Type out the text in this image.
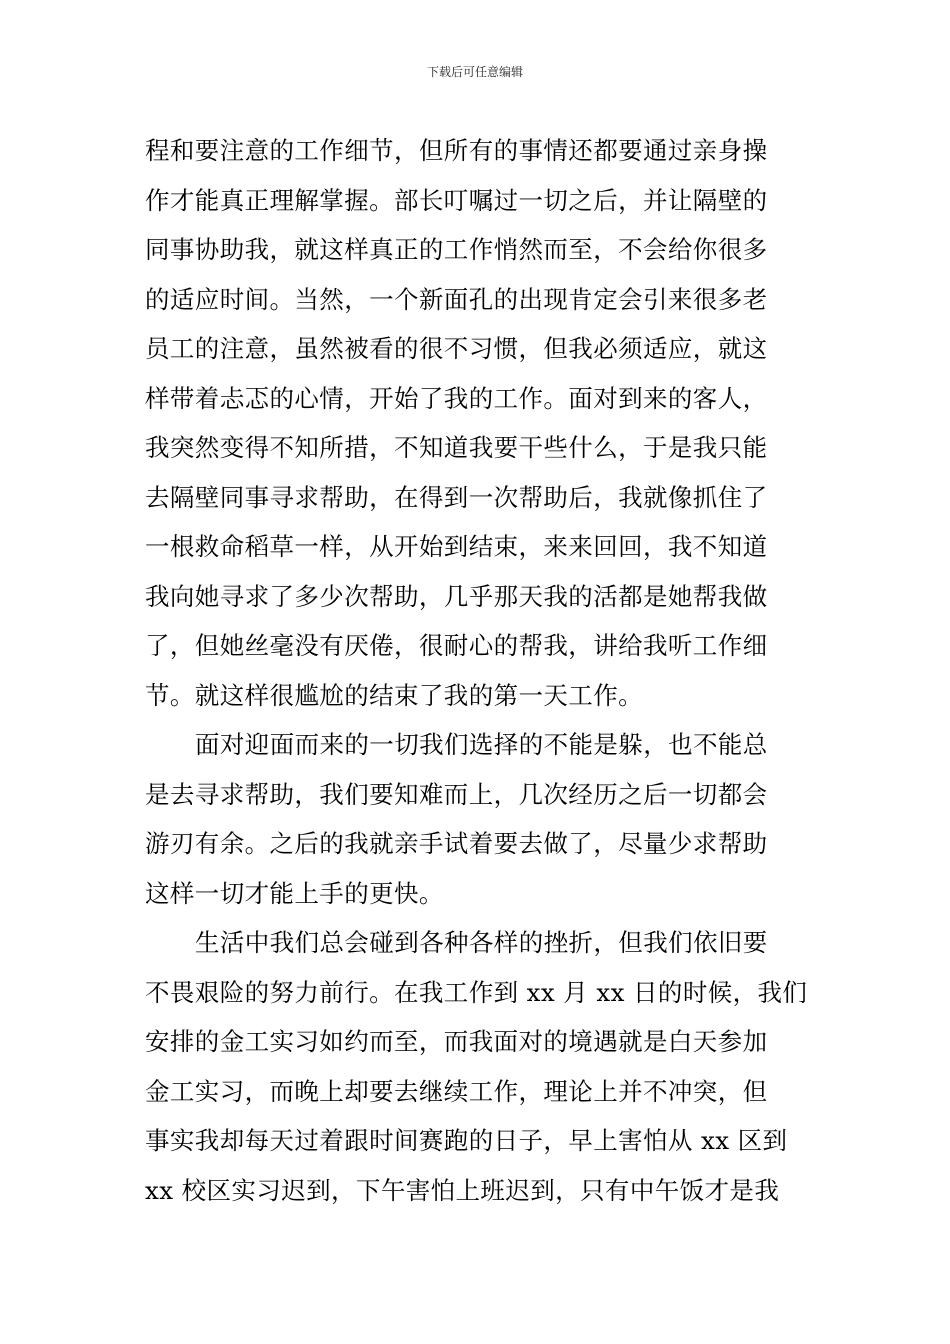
下载后可任意编辑
程和要注意的工作细节，但所有的事情还都要通过亲身操
作才能真正理解掌握。部长叮嘱过一切之后，并让隔壁的
同事协助我，就这样真正的工作悄然而至，不会给你很多
的适应时间。当然，一个新面孔的出现肯定会引来很多老
员工的注意，虽然被看的很不习惯，但我必须适应，就这
样带着忐忑的心情，开始了我的工作。面对到来的客人，
我突然变得不知所措，不知道我要干些什么，于是我只能
去隔壁同事寻求帮助，在得到一次帮助后，我就像抓住了
一根救命稻草一样，从开始到结束，来来回回，我不知道
我向她寻求了多少次帮助，几乎那天我的活都是她帮我做
了，但她丝毫没有厌倦，很耐心的帮我，讲给我听工作细
节。就这样很尴尬的结束了我的第一天工作。
面对迎面而来的一切我们选择的不能是躲，也不能总
是去寻求帮助，我们要知难而上，几次经历之后一切都会
游刃有余。之后的我就亲手试着要去做了，尽量少求帮助
这样一切才能上手的更快。
生活中我们总会碰到各种各样的挫折，但我们依旧要
不畏艰险的努力前行。在我工作到 xx 月 xx 日的时候，我们
安排的金工实习如约而至，而我面对的境遇就是白天参加
金工实习，而晚上却要去继续工作，理论上并不冲突，但
事实我却每天过着跟时间赛跑的日子，早上害怕从 xx 区到
xx 校区实习迟到，下午害怕上班迟到，只有中午饭才是我
